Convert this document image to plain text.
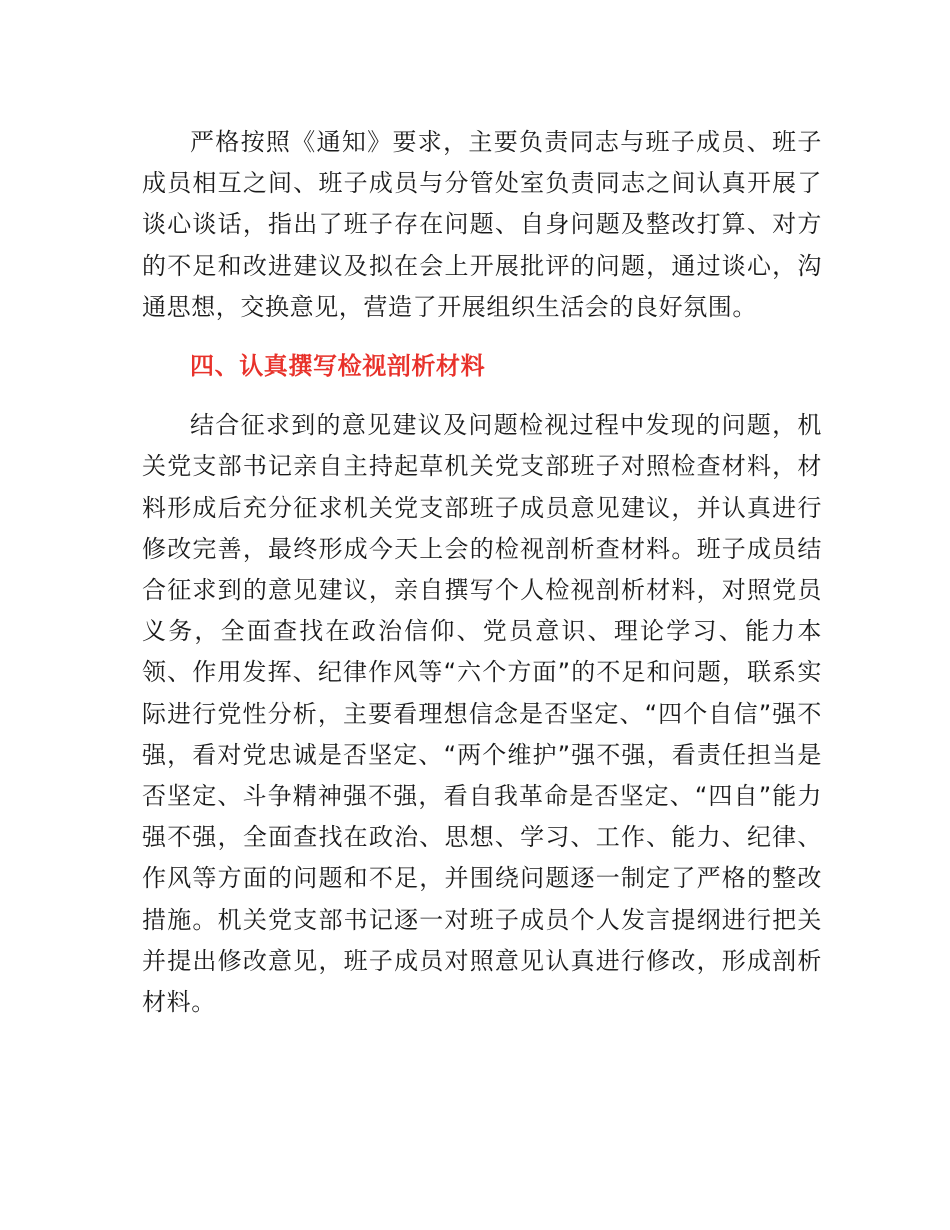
严格按照《通知》要求，主要负责同志与班子成员、班子成员相互之间、班子成员与分管处室负责同志之间认真开展了谈心谈话，指出了班子存在问题、自身问题及整改打算、对方的不足和改进建议及拟在会上开展批评的问题，通过谈心，沟通思想，交换意见，营造了开展组织生活会的良好氛围。

四、认真撰写检视剖析材料

结合征求到的意见建议及问题检视过程中发现的问题，机关党支部书记亲自主持起草机关党支部班子对照检查材料，材料形成后充分征求机关党支部班子成员意见建议，并认真进行修改完善，最终形成今天上会的检视剖析查材料。班子成员结合征求到的意见建议，亲自撰写个人检视剖析材料，对照党员义务，全面查找在政治信仰、党员意识、理论学习、能力本领、作用发挥、纪律作风等“六个方面”的不足和问题，联系实际进行党性分析，主要看理想信念是否坚定、“四个自信”强不强，看对党忠诚是否坚定、“两个维护”强不强，看责任担当是否坚定、斗争精神强不强，看自我革命是否坚定、“四自”能力强不强，全面查找在政治、思想、学习、工作、能力、纪律、作风等方面的问题和不足，并围绕问题逐一制定了严格的整改措施。机关党支部书记逐一对班子成员个人发言提纲进行把关并提出修改意见，班子成员对照意见认真进行修改，形成剖析材料。
